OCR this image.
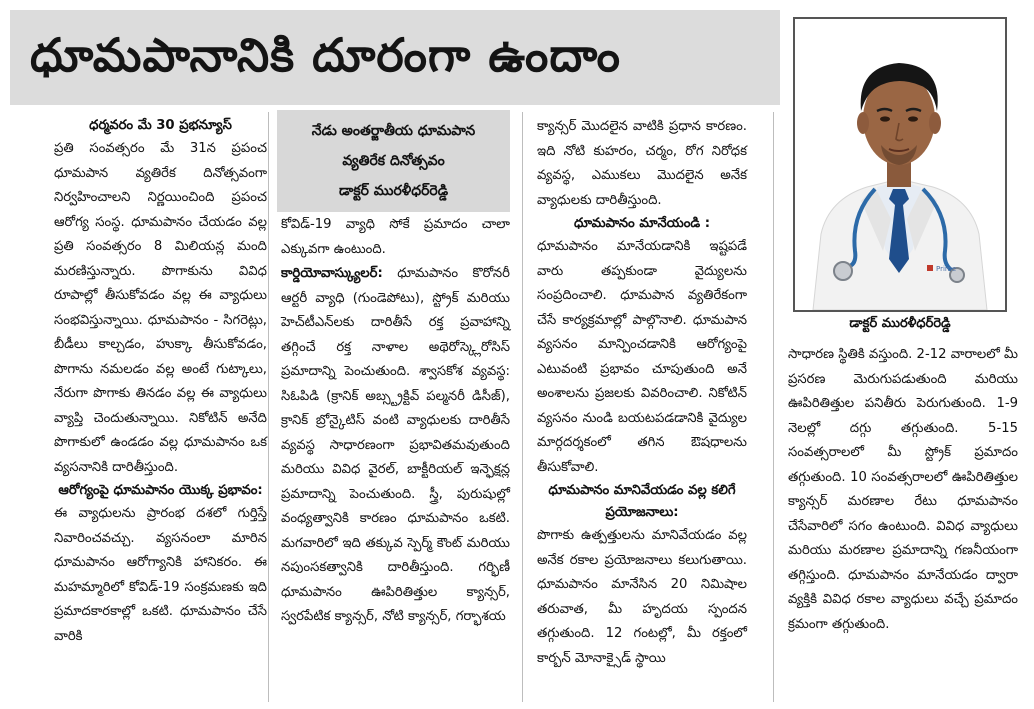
ధూమపానానికి దూరంగా ఉందాం
Prime
డాక్టర్ మురళీధర్‌రెడ్డి

ధర్మవరం మే 30 ప్రభన్యూస్

ప్రతి సంవత్సరం మే 31న ప్రపంచ ధూమపాన వ్యతిరేక దినోత్సవంగా నిర్వహించాలని నిర్ణయించింది ప్రపంచ ఆరోగ్య సంస్థ. ధూమపానం చేయడం వల్ల ప్రతి సంవత్సరం 8 మిలియన్ల మంది మరణిస్తున్నారు. పొగాకును వివిధ రూపాల్లో తీసుకోవడం వల్ల ఈ వ్యాధులు సంభవిస్తున్నాయి. ధూమపానం - సిగరెట్లు, బీడీలు కాల్చడం, హుక్కా తీసుకోవడం, పొగాను నమలడం వల్ల అంటే గుట్కాలు, నేరుగా పొగాకు తినడం వల్ల ఈ వ్యాధులు వ్యాప్తి చెందుతున్నాయి. నికోటిన్ అనేది పొగాకులో ఉండడం వల్ల ధూమపానం ఒక వ్యసనానికి దారితీస్తుంది.

ఆరోగ్యంపై ధూమపానం యొక్క ప్రభావం:

ఈ వ్యాధులను ప్రారంభ దశలో గుర్తిస్తే నివారించవచ్చు. వ్యసనంలా మారిన ధూమపానం ఆరోగ్యానికి హానికరం. ఈ మహమ్మారిలో కోవిడ్-19 సంక్రమణకు ఇది ప్రమాదకారకాల్లో ఒకటి. ధూమపానం చేసే వారికి

నేడు అంతర్జాతీయ ధూమపాన
వ్యతిరేక దినోత్సవం
డాక్టర్ మురళీధర్‌రెడ్డి

కోవిడ్-19 వ్యాధి సోకే ప్రమాదం చాలా ఎక్కువగా ఉంటుంది.

కార్డియోవాస్క్యులర్: ధూమపానం కొరోనరీ ఆర్టరీ వ్యాధి (గుండెపోటు), స్ట్రోక్ మరియు హెచ్‌టీఎన్‌లకు దారితీసే రక్త ప్రవాహాన్ని తగ్గించే రక్త నాళాల అథెరోస్క్లెరోసిస్ ప్రమాదాన్ని పెంచుతుంది. శ్వాసకోశ వ్యవస్థ: సిఓపిడి (క్రానిక్ అబ్స్ట్రక్టివ్ పల్మనరీ డిసీజ్), క్రానిక్ బ్రోన్కైటిస్ వంటి వ్యాధులకు దారితీసే వ్యవస్థ సాధారణంగా ప్రభావితమవుతుంది మరియు వివిధ వైరల్, బాక్టీరియల్ ఇన్ఫెక్షన్ల ప్రమాదాన్ని పెంచుతుంది. స్త్రీ, పురుషుల్లో వంధ్యత్వానికి కారణం ధూమపానం ఒకటి. మగవారిలో ఇది తక్కువ స్పెర్మ్ కౌంట్ మరియు నపుంసకత్వానికి దారితీస్తుంది. గర్భిణీ ధూమపానం ఊపిరితిత్తుల క్యాన్సర్, స్వరపేటిక క్యాన్సర్, నోటి క్యాన్సర్, గర్భాశయ

క్యాన్సర్ మొదలైన వాటికి ప్రధాన కారణం. ఇది నోటి కుహరం, చర్మం, రోగ నిరోధక వ్యవస్థ, ఎముకలు మొదలైన అనేక వ్యాధులకు దారితీస్తుంది.

ధూమపానం మానేయండి :

ధూమపానం మానేయడానికి ఇష్టపడే వారు తప్పకుండా వైద్యులను సంప్రదించాలి. ధూమపాన వ్యతిరేకంగా చేసే కార్యక్రమాల్లో పాల్గొనాలి. ధూమపాన వ్యసనం మాన్పించడానికి ఆరోగ్యంపై ఎటువంటి ప్రభావం చూపుతుంది అనే అంశాలను ప్రజలకు వివరించాలి. నికోటిన్ వ్యసనం నుండి బయటపడడానికి వైద్యుల మార్గదర్శకంలో తగిన ఔషధాలను తీసుకోవాలి.

ధూమపానం మానివేయడం వల్ల కలిగే ప్రయోజనాలు:

పొగాకు ఉత్పత్తులను మానివేయడం వల్ల అనేక రకాల ప్రయోజనాలు కలుగుతాయి. ధూమపానం మానేసిన 20 నిమిషాల తరువాత, మీ హృదయ స్పందన తగ్గుతుంది. 12 గంటల్లో, మీ రక్తంలో కార్బన్ మోనాక్సైడ్ స్థాయి

సాధారణ స్థితికి వస్తుంది. 2-12 వారాలలో మీ ప్రసరణ మెరుగుపడుతుంది మరియు ఊపిరితిత్తుల పనితీరు పెరుగుతుంది. 1-9 నెలల్లో దగ్గు తగ్గుతుంది. 5-15 సంవత్సరాలలో మీ స్ట్రోక్ ప్రమాదం తగ్గుతుంది. 10 సంవత్సరాలలో ఊపిరితిత్తుల క్యాన్సర్ మరణాల రేటు ధూమపానం చేసేవారిలో సగం ఉంటుంది. వివిధ వ్యాధులు మరియు మరణాల ప్రమాదాన్ని గణనీయంగా తగ్గిస్తుంది. ధూమపానం మానేయడం ద్వారా వ్యక్తికి వివిధ రకాల వ్యాధులు వచ్చే ప్రమాదం క్రమంగా తగ్గుతుంది.
